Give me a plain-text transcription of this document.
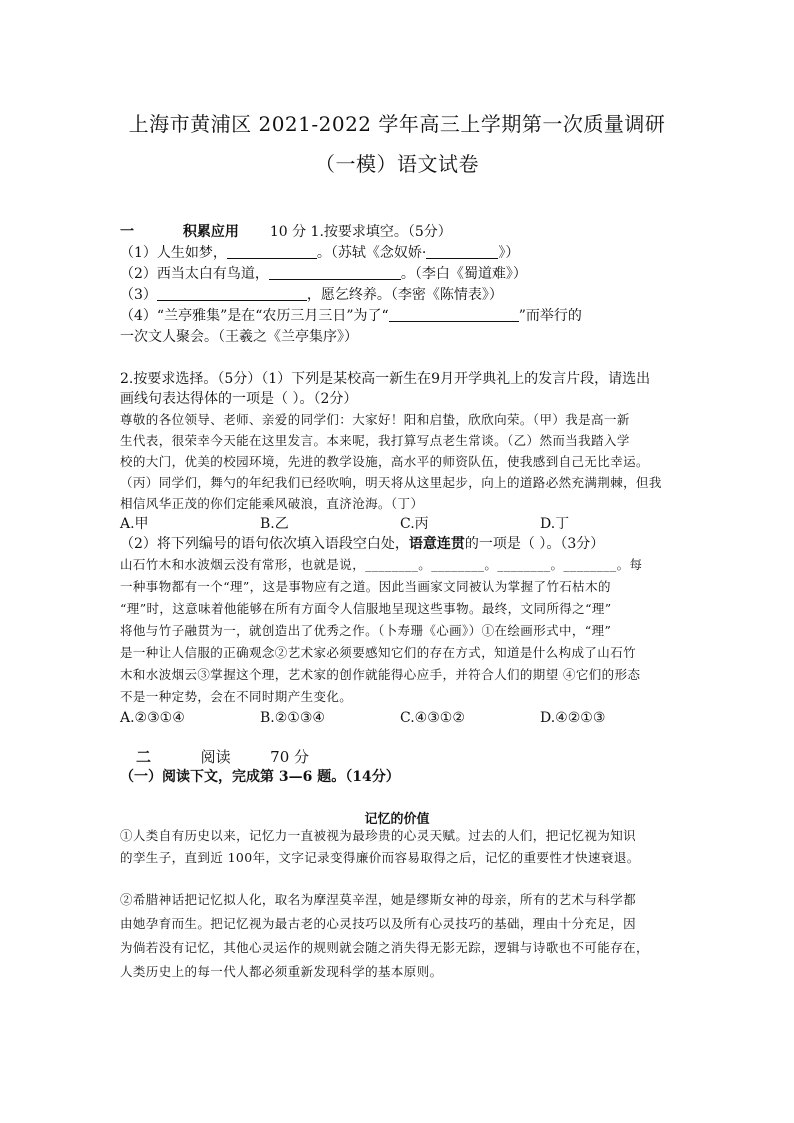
上海市黄浦区 2021-2022 学年高三上学期第一次质量调研
（一模）语文试卷
一	积累应用 10 分 1.按要求填空。（5分）
（1）人生如梦，	。（苏轼《念奴娇·	》）
（2）西当太白有鸟道，	。（李白《蜀道难》）
（3）	，愿乞终养。（李密《陈情表》）
（4）“兰亭雅集”是在“农历三月三日”为了“	”而举行的
一次文人聚会。（王羲之《兰亭集序》）
2.按要求选择。（5分）（1）下列是某校高一新生在9月开学典礼上的发言片段，请选出
画线句表达得体的一项是（ ）。（2分）
尊敬的各位领导、老师、亲爱的同学们：大家好！阳和启蛰，欣欣向荣。（甲）我是高一新
生代表，很荣幸今天能在这里发言。本来呢，我打算写点老生常谈。（乙）然而当我踏入学
校的大门，优美的校园环境，先进的教学设施，高水平的师资队伍，使我感到自己无比幸运。
（丙）同学们，舞勺的年纪我们已经吹响，明天将从这里起步，向上的道路必然充满荆棘，但我
相信风华正茂的你们定能乘风破浪，直济沧海。（丁）
A.甲	B.乙	C.丙	D.丁
（2）将下列编号的语句依次填入语段空白处，语意连贯的一项是（ ）。（3分）
山石竹木和水波烟云没有常形，也就是说，________。________。________。________。每
一种事物都有一个“理”，这是事物应有之道。因此当画家文同被认为掌握了竹石枯木的
“理”时，这意味着他能够在所有方面令人信服地呈现这些事物。最终，文同所得之“理”
将他与竹子融贯为一，就创造出了优秀之作。（卜寿珊《心画》）①在绘画形式中，“理”
是一种让人信服的正确观念②艺术家必须要感知它们的存在方式，知道是什么构成了山石竹
木和水波烟云③掌握这个理，艺术家的创作就能得心应手，并符合人们的期望 ④它们的形态
不是一种定势，会在不同时期产生变化。
A.②③①④	B.②①③④	C.④③①②	D.④②①③
二	阅读	70 分
（一）阅读下文，完成第 3—6 题。（14分）
记忆的价值
①人类自有历史以来，记忆力一直被视为最珍贵的心灵天赋。过去的人们，把记忆视为知识
的孪生子，直到近 100年，文字记录变得廉价而容易取得之后，记忆的重要性才快速衰退。
②希腊神话把记忆拟人化，取名为摩涅莫辛涅，她是缪斯女神的母亲，所有的艺术与科学都
由她孕育而生。把记忆视为最古老的心灵技巧以及所有心灵技巧的基础，理由十分充足，因
为倘若没有记忆，其他心灵运作的规则就会随之消失得无影无踪，逻辑与诗歌也不可能存在，
人类历史上的每一代人都必须重新发现科学的基本原则。
